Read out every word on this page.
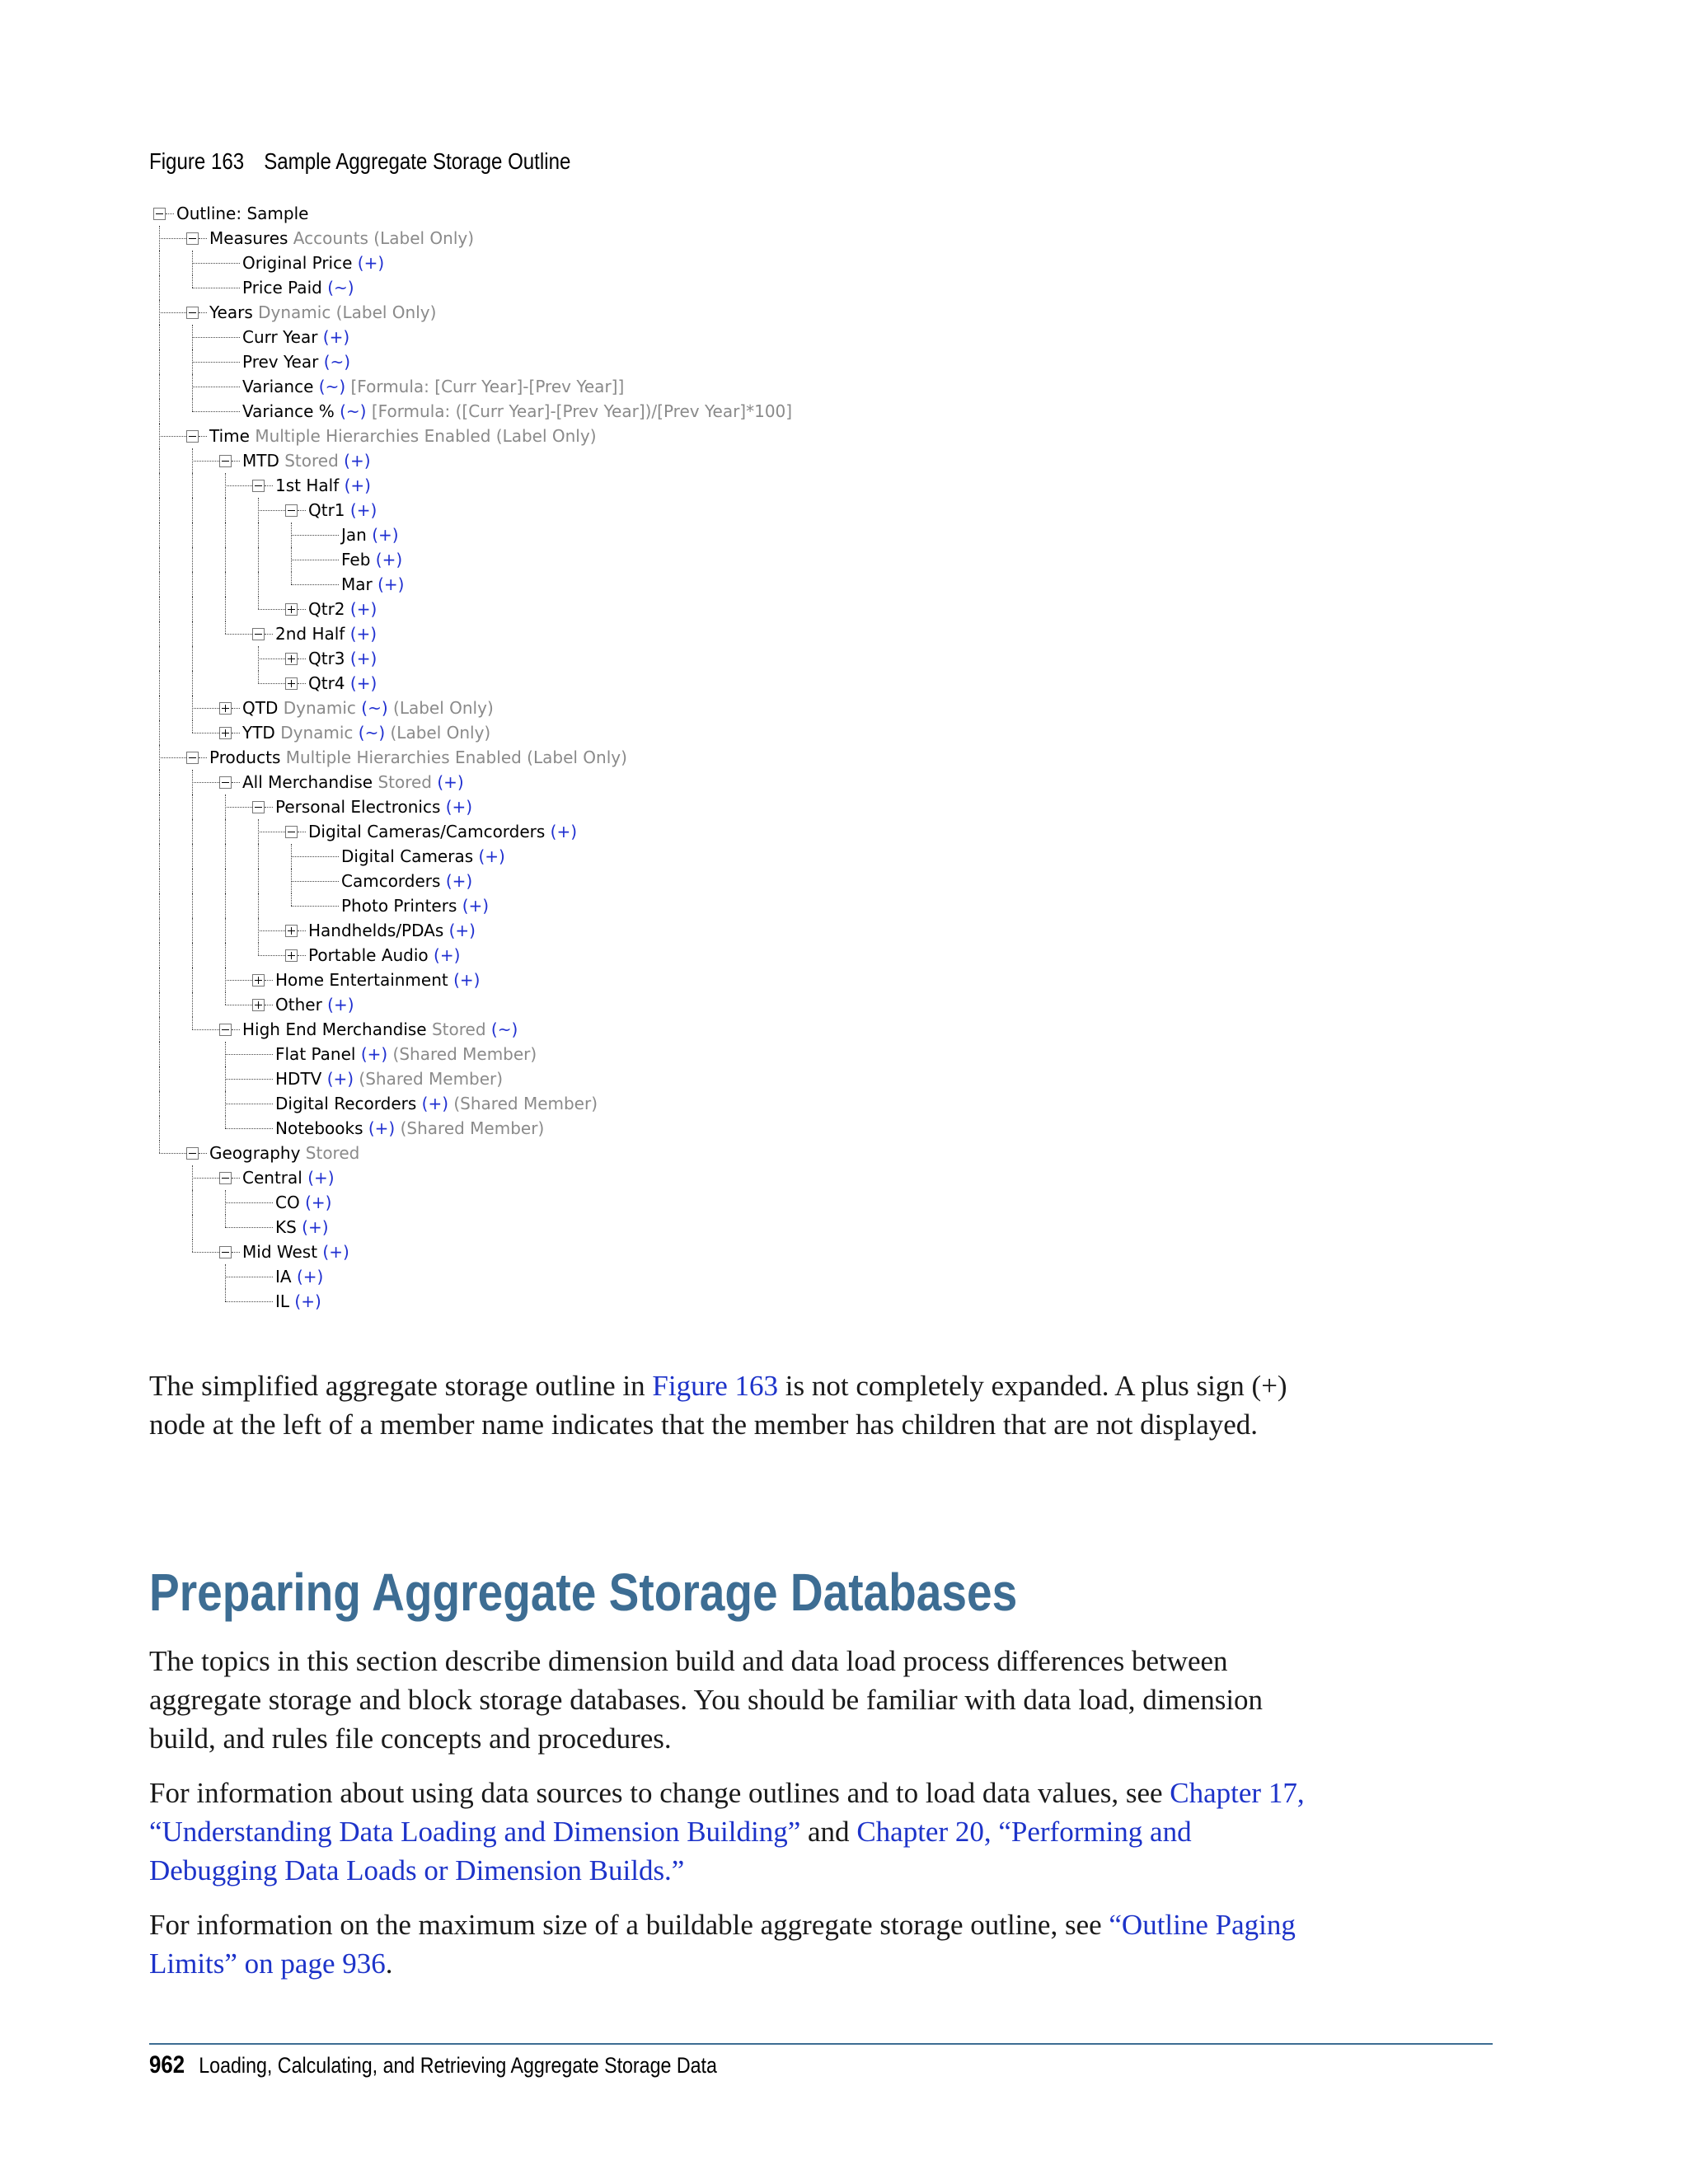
Figure 163 Sample Aggregate Storage Outline
Outline: Sample
Measures Accounts (Label Only)
Original Price (+)
Price Paid (~)
Years Dynamic (Label Only)
Curr Year (+)
Prev Year (~)
Variance (~) [Formula: [Curr Year]-[Prev Year]]
Variance % (~) [Formula: ([Curr Year]-[Prev Year])/[Prev Year]*100]
Time Multiple Hierarchies Enabled (Label Only)
MTD Stored (+)
1st Half (+)
Qtr1 (+)
Jan (+)
Feb (+)
Mar (+)
Qtr2 (+)
2nd Half (+)
Qtr3 (+)
Qtr4 (+)
QTD Dynamic (~) (Label Only)
YTD Dynamic (~) (Label Only)
Products Multiple Hierarchies Enabled (Label Only)
All Merchandise Stored (+)
Personal Electronics (+)
Digital Cameras/Camcorders (+)
Digital Cameras (+)
Camcorders (+)
Photo Printers (+)
Handhelds/PDAs (+)
Portable Audio (+)
Home Entertainment (+)
Other (+)
High End Merchandise Stored (~)
Flat Panel (+) (Shared Member)
HDTV (+) (Shared Member)
Digital Recorders (+) (Shared Member)
Notebooks (+) (Shared Member)
Geography Stored
Central (+)
CO (+)
KS (+)
Mid West (+)
IA (+)
IL (+)

The simplified aggregate storage outline in Figure 163 is not completely expanded. A plus sign (+) node at the left of a member name indicates that the member has children that are not displayed.

Preparing Aggregate Storage Databases

The topics in this section describe dimension build and data load process differences between aggregate storage and block storage databases. You should be familiar with data load, dimension build, and rules file concepts and procedures.

For information about using data sources to change outlines and to load data values, see Chapter 17, “Understanding Data Loading and Dimension Building” and Chapter 20, “Performing and Debugging Data Loads or Dimension Builds.”

For information on the maximum size of a buildable aggregate storage outline, see “Outline Paging Limits” on page 936.

962 Loading, Calculating, and Retrieving Aggregate Storage Data
